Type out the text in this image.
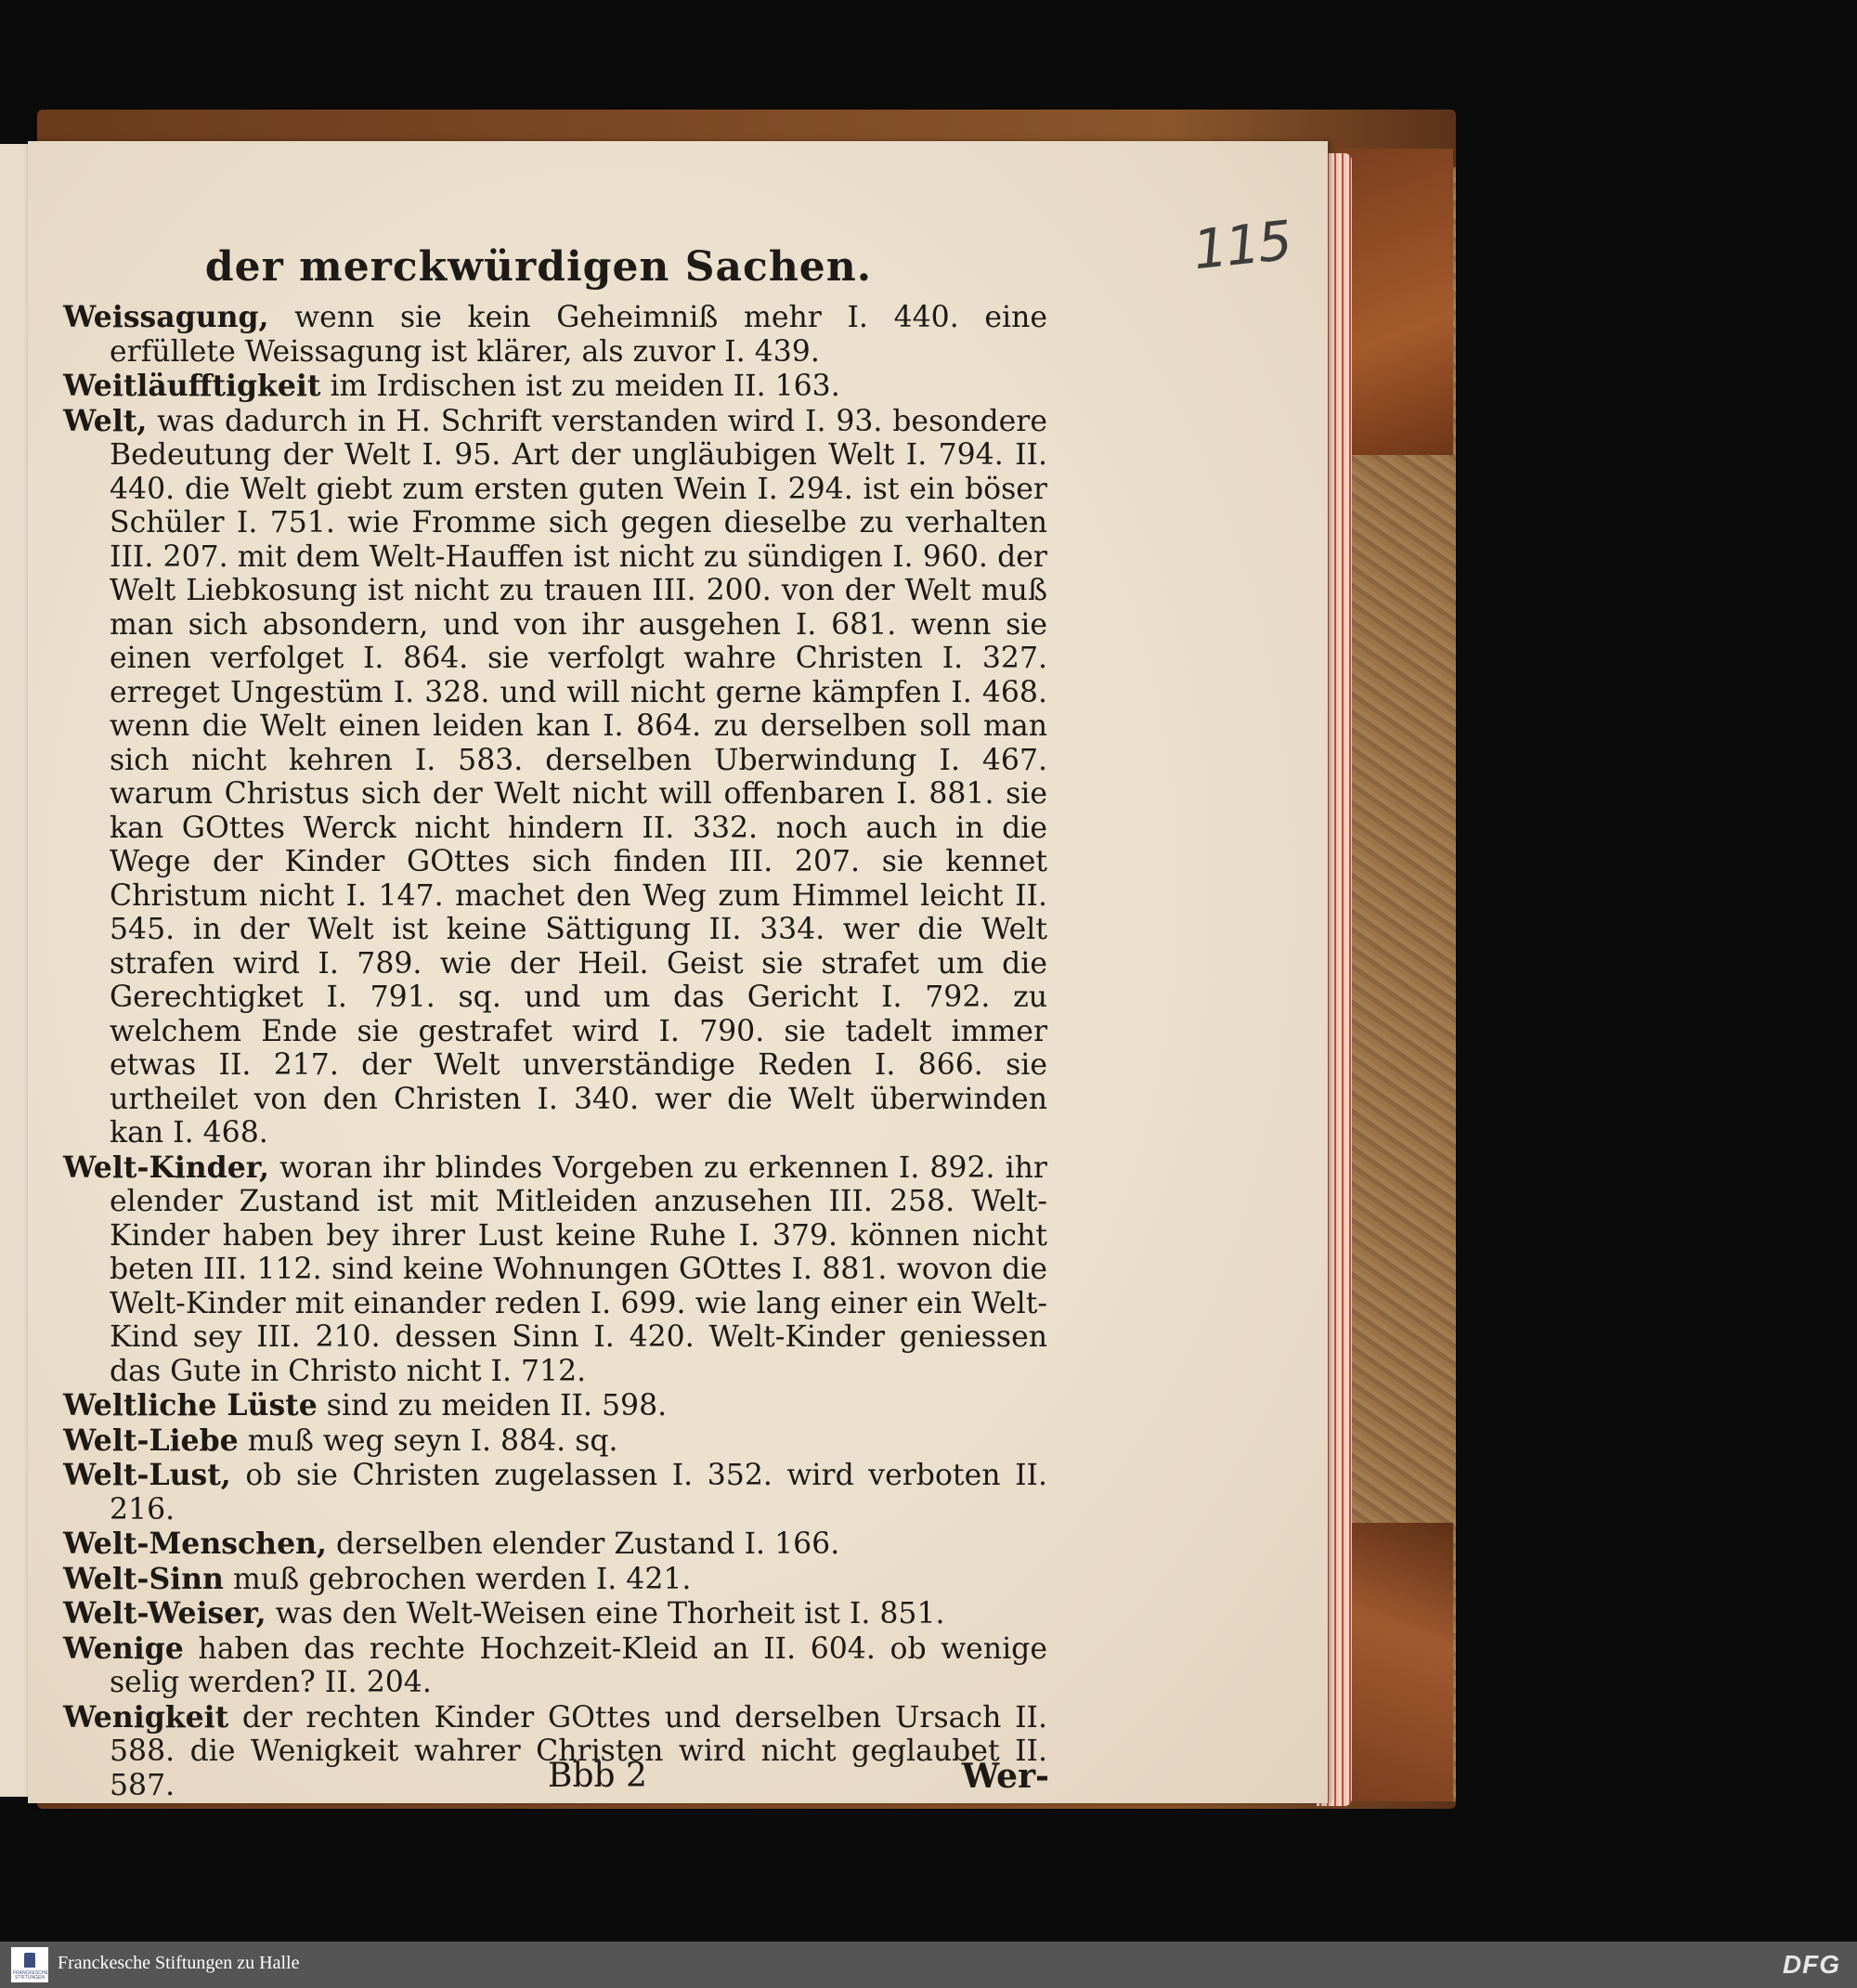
115
der merckwürdigen Sachen.

Weissagung, wenn sie kein Geheimniß mehr I. 440. eine erfüllete Weissagung ist klärer, als zuvor I. 439.

Weitläufftigkeit im Irdischen ist zu meiden II. 163.

Welt, was dadurch in H. Schrift verstanden wird I. 93. besondere Bedeutung der Welt I. 95. Art der ungläubigen Welt I. 794. II. 440. die Welt giebt zum ersten guten Wein I. 294. ist ein böser Schüler I. 751. wie Fromme sich gegen dieselbe zu verhalten III. 207. mit dem Welt-Hauffen ist nicht zu sündigen I. 960. der Welt Liebkosung ist nicht zu trauen III. 200. von der Welt muß man sich absondern, und von ihr ausgehen I. 681. wenn sie einen verfolget I. 864. sie verfolgt wahre Christen I. 327. erreget Ungestüm I. 328. und will nicht gerne kämpfen I. 468. wenn die Welt einen leiden kan I. 864. zu derselben soll man sich nicht kehren I. 583. derselben Uberwindung I. 467. warum Christus sich der Welt nicht will offenbaren I. 881. sie kan GOttes Werck nicht hindern II. 332. noch auch in die Wege der Kinder GOttes sich finden III. 207. sie kennet Christum nicht I. 147. machet den Weg zum Himmel leicht II. 545. in der Welt ist keine Sättigung II. 334. wer die Welt strafen wird I. 789. wie der Heil. Geist sie strafet um die Gerechtigket I. 791. sq. und um das Gericht I. 792. zu welchem Ende sie gestrafet wird I. 790. sie tadelt immer etwas II. 217. der Welt unverständige Reden I. 866. sie urtheilet von den Christen I. 340. wer die Welt überwinden kan I. 468.

Welt-Kinder, woran ihr blindes Vorgeben zu erkennen I. 892. ihr elender Zustand ist mit Mitleiden anzusehen III. 258. Welt-Kinder haben bey ihrer Lust keine Ruhe I. 379. können nicht beten III. 112. sind keine Wohnungen GOttes I. 881. wovon die Welt-Kinder mit einander reden I. 699. wie lang einer ein Welt-Kind sey III. 210. dessen Sinn I. 420. Welt-Kinder geniessen das Gute in Christo nicht I. 712.

Weltliche Lüste sind zu meiden II. 598.

Welt-Liebe muß weg seyn I. 884. sq.

Welt-Lust, ob sie Christen zugelassen I. 352. wird verboten II. 216.

Welt-Menschen, derselben elender Zustand I. 166.

Welt-Sinn muß gebrochen werden I. 421.

Welt-Weiser, was den Welt-Weisen eine Thorheit ist I. 851.

Wenige haben das rechte Hochzeit-Kleid an II. 604. ob wenige selig werden? II. 204.

Wenigkeit der rechten Kinder GOttes und derselben Ursach II. 588. die Wenigkeit wahrer Christen wird nicht geglaubet II. 587.	Bbb 2	Wer-
FRANCKESCHE STIFTUNGEN
Franckesche Stiftungen zu Halle	DFG
